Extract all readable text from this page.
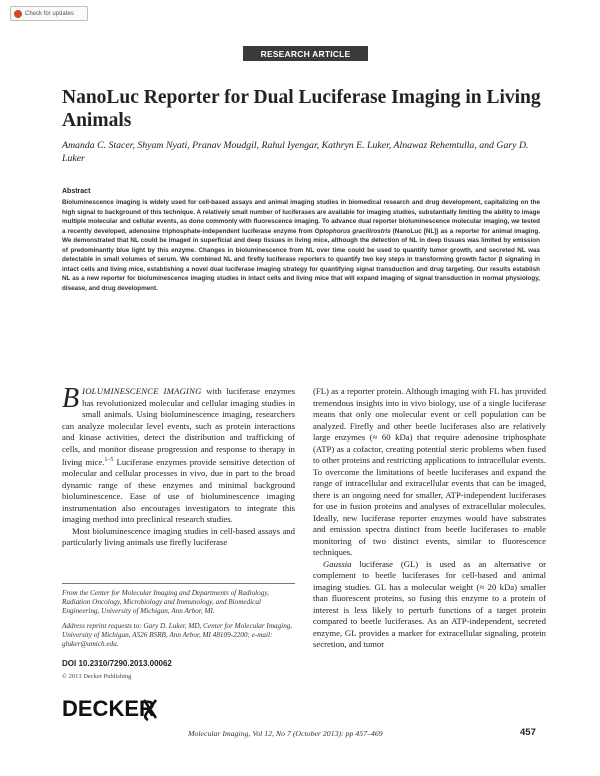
Check for updates
RESEARCH ARTICLE
NanoLuc Reporter for Dual Luciferase Imaging in Living Animals
Amanda C. Stacer, Shyam Nyati, Pranav Moudgil, Rahul Iyengar, Kathryn E. Luker, Alnawaz Rehemtulla, and Gary D. Luker
Abstract
Bioluminescence imaging is widely used for cell-based assays and animal imaging studies in biomedical research and drug development, capitalizing on the high signal to background of this technique. A relatively small number of luciferases are available for imaging studies, substantially limiting the ability to image multiple molecular and cellular events, as done commonly with fluorescence imaging. To advance dual reporter bioluminescence molecular imaging, we tested a recently developed, adenosine triphosphate-independent luciferase enzyme from Oplophorus gracilirostris (NanoLuc [NL]) as a reporter for animal imaging. We demonstrated that NL could be imaged in superficial and deep tissues in living mice, although the detection of NL in deep tissues was limited by emission of predominantly blue light by this enzyme. Changes in bioluminescence from NL over time could be used to quantify tumor growth, and secreted NL was detectable in small volumes of serum. We combined NL and firefly luciferase reporters to quantify two key steps in transforming growth factor β signaling in intact cells and living mice, establishing a novel dual luciferase imaging strategy for quantifying signal transduction and drug targeting. Our results establish NL as a new reporter for bioluminescence imaging studies in intact cells and living mice that will expand imaging of signal transduction in normal physiology, disease, and drug development.

BIOLUMINESCENCE IMAGING with luciferase enzymes has revolutionized molecular and cellular imaging studies in small animals. Using bioluminescence imaging, researchers can analyze molecular level events, such as protein interactions and kinase activities, detect the distribution and trafficking of cells, and monitor disease progression and response to therapy in living mice.$^{1-5}$ Luciferase enzymes provide sensitive detection of molecular and cellular processes in vivo, due in part to the broad dynamic range of these enzymes and minimal background bioluminescence. Ease of use of bioluminescence imaging instrumentation also encourages investigators to integrate this imaging method into preclinical research studies.

Most bioluminescence imaging studies in cell-based assays and particularly living animals use firefly luciferase

(FL) as a reporter protein. Although imaging with FL has provided tremendous insights into in vivo biology, use of a single luciferase means that only one molecular event or cell population can be analyzed. Firefly and other beetle luciferases also are relatively large enzymes (≈ 60 kDa) that require adenosine triphosphate (ATP) as a cofactor, creating potential steric problems when fused to other proteins and restricting applications to intracellular events. To overcome the limitations of beetle luciferases and expand the range of intracellular and extracellular events that can be imaged, there is an ongoing need for smaller, ATP-independent luciferases for use in fusion proteins and analyses of extracellular molecules. Ideally, new luciferase reporter enzymes would have substrates and emission spectra distinct from beetle luciferases to enable monitoring of two distinct events, similar to fluorescence techniques.

Gaussia luciferase (GL) is used as an alternative or complement to beetle luciferases for cell-based and animal imaging studies. GL has a molecular weight (≈ 20 kDa) smaller than fluorescent proteins, so fusing this enzyme to a protein of interest is less likely to perturb functions of a target protein compared to beetle luciferases. As an ATP-independent, secreted enzyme, GL provides a marker for extracellular signaling, protein secretion, and tumor

From the Center for Molecular Imaging and Departments of Radiology, Radiation Oncology, Microbiology and Immunology, and Biomedical Engineering, University of Michigan, Ann Arbor, MI.
Address reprint requests to: Gary D. Luker, MD, Center for Molecular Imaging, University of Michigan, A526 BSRB, Ann Arbor, MI 48109-2200; e-mail: gluker@umich.edu.
DOI 10.2310/7290.2013.00062
© 2013 Decker Publishing
DECKER
Molecular Imaging, Vol 12, No 7 (October 2013): pp 457–469	457
